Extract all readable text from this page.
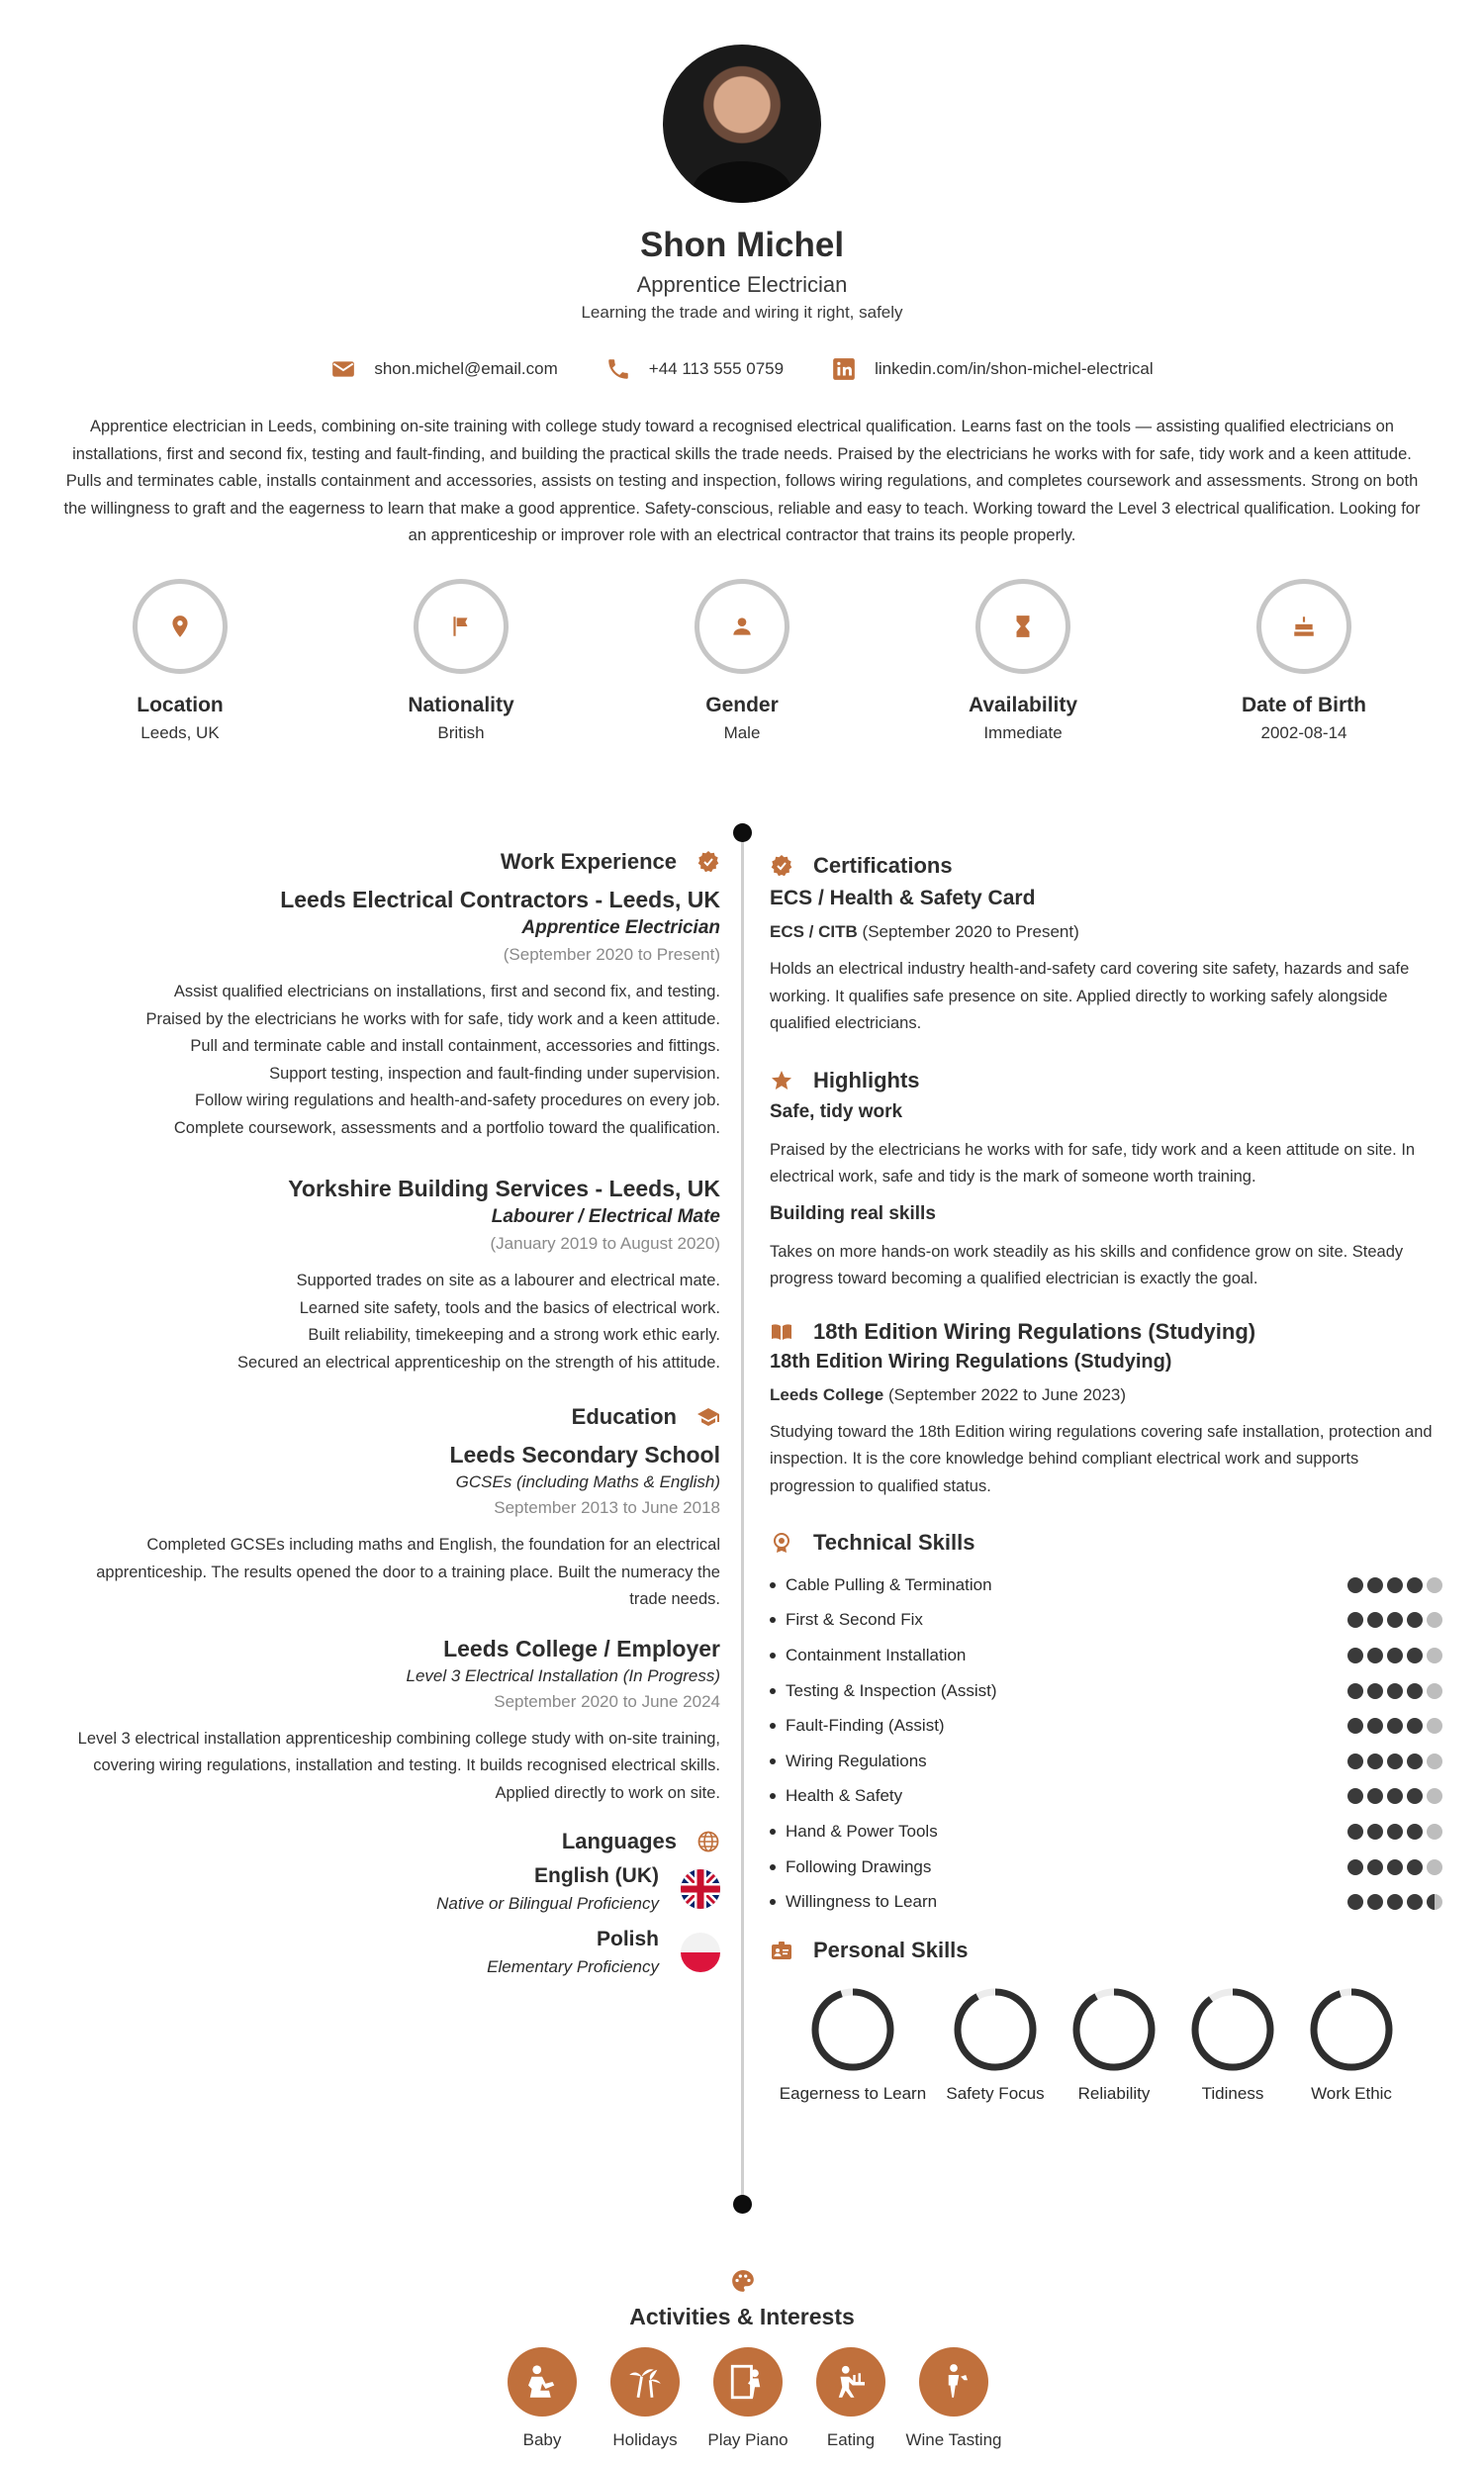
Shon Michel
Apprentice Electrician
Learning the trade and wiring it right, safely
shon.michel@email.com	+44 113 555 0759	linkedin.com/in/shon-michel-electrical
Apprentice electrician in Leeds, combining on-site training with college study toward a recognised electrical qualification. Learns fast on the tools — assisting qualified electricians on installations, first and second fix, testing and fault-finding, and building the practical skills the trade needs. Praised by the electricians he works with for safe, tidy work and a keen attitude. Pulls and terminates cable, installs containment and accessories, assists on testing and inspection, follows wiring regulations, and completes coursework and assessments. Strong on both the willingness to graft and the eagerness to learn that make a good apprentice. Safety-conscious, reliable and easy to teach. Working toward the Level 3 electrical qualification. Looking for an apprenticeship or improver role with an electrical contractor that trains its people properly.
Location
Leeds, UK
Nationality
British
Gender
Male
Availability
Immediate
Date of Birth
2002-08-14
Work Experience
Leeds Electrical Contractors - Leeds, UK
Apprentice Electrician
(September 2020 to Present)
Assist qualified electricians on installations, first and second fix, and testing.
Praised by the electricians he works with for safe, tidy work and a keen attitude.
Pull and terminate cable and install containment, accessories and fittings.
Support testing, inspection and fault-finding under supervision.
Follow wiring regulations and health-and-safety procedures on every job.
Complete coursework, assessments and a portfolio toward the qualification.
Yorkshire Building Services - Leeds, UK
Labourer / Electrical Mate
(January 2019 to August 2020)
Supported trades on site as a labourer and electrical mate.
Learned site safety, tools and the basics of electrical work.
Built reliability, timekeeping and a strong work ethic early.
Secured an electrical apprenticeship on the strength of his attitude.
Education
Leeds Secondary School
GCSEs (including Maths & English)
September 2013 to June 2018
Completed GCSEs including maths and English, the foundation for an electrical apprenticeship. The results opened the door to a training place. Built the numeracy the trade needs.
Leeds College / Employer
Level 3 Electrical Installation (In Progress)
September 2020 to June 2024
Level 3 electrical installation apprenticeship combining college study with on-site training, covering wiring regulations, installation and testing. It builds recognised electrical skills. Applied directly to work on site.
Languages
English (UK)
Native or Bilingual Proficiency
Polish
Elementary Proficiency
Certifications
ECS / Health & Safety Card
ECS / CITB (September 2020 to Present)
Holds an electrical industry health-and-safety card covering site safety, hazards and safe working. It qualifies safe presence on site. Applied directly to working safely alongside qualified electricians.
Highlights
Safe, tidy work
Praised by the electricians he works with for safe, tidy work and a keen attitude on site. In electrical work, safe and tidy is the mark of someone worth training.
Building real skills
Takes on more hands-on work steadily as his skills and confidence grow on site. Steady progress toward becoming a qualified electrician is exactly the goal.
18th Edition Wiring Regulations (Studying)
18th Edition Wiring Regulations (Studying)
Leeds College (September 2022 to June 2023)
Studying toward the 18th Edition wiring regulations covering safe installation, protection and inspection. It is the core knowledge behind compliant electrical work and supports progression to qualified status.
Technical Skills
Cable Pulling & Termination
First & Second Fix
Containment Installation
Testing & Inspection (Assist)
Fault-Finding (Assist)
Wiring Regulations
Health & Safety
Hand & Power Tools
Following Drawings
Willingness to Learn
Personal Skills
Eagerness to Learn	Safety Focus	Reliability	Tidiness	Work Ethic
Activities & Interests
Baby	Holidays	Play Piano	Eating	Wine Tasting
